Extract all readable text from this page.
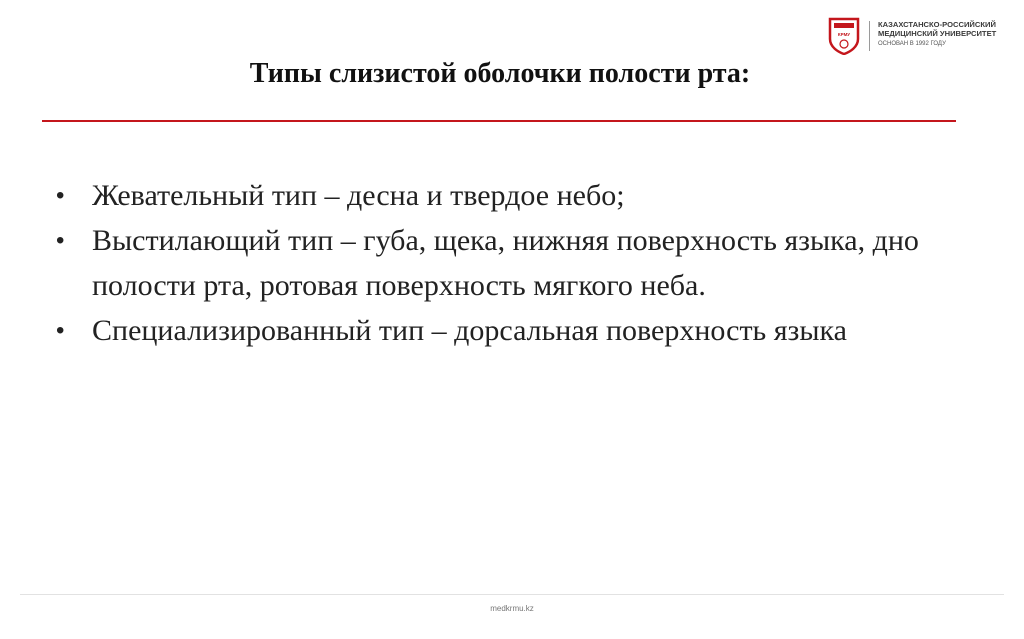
КРМУ
КАЗАХСТАНСКО-РОССИЙСКИЙ
МЕДИЦИНСКИЙ УНИВЕРСИТЕТ
ОСНОВАН В 1992 ГОДУ
Типы слизистой оболочки полости рта:
• Жевательный тип – десна и твердое небо;
• Выстилающий тип – губа, щека, нижняя поверхность языка, дно полости рта, ротовая поверхность мягкого неба.
• Специализированный тип – дорсальная поверхность языка
medkrmu.kz
